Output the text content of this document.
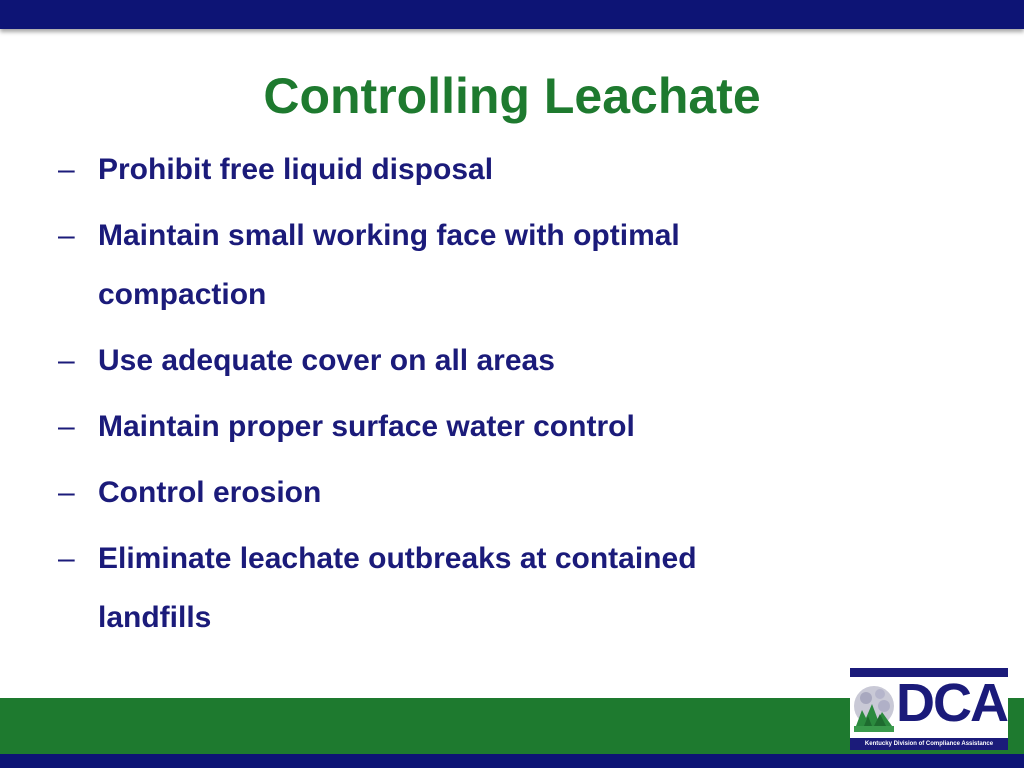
Controlling Leachate
– Prohibit free liquid disposal
– Maintain small working face with optimal compaction
– Use adequate cover on all areas
– Maintain proper surface water control
– Control erosion
– Eliminate leachate outbreaks at contained landfills
DCA
Kentucky Division of Compliance Assistance
